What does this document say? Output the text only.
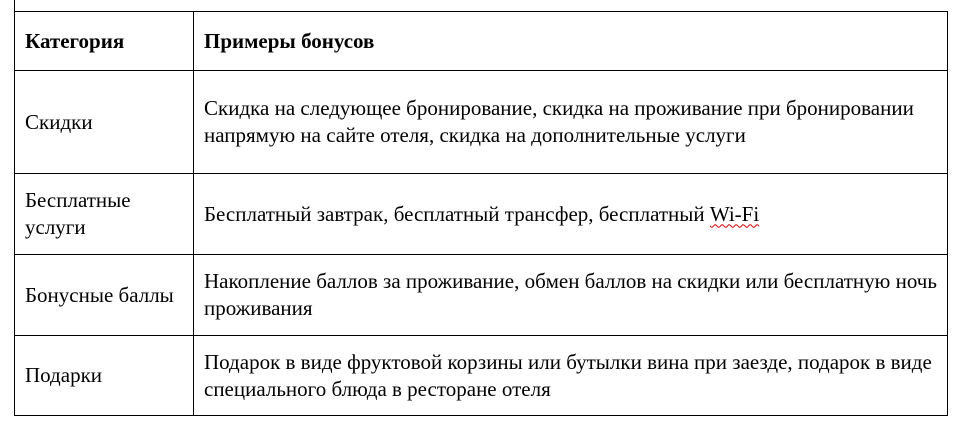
Категория	Примеры бонусов
Скидки	Скидка на следующее бронирование, скидка на проживание при бронировании напрямую на сайте отеля, скидка на дополнительные услуги
Бесплатные услуги	Бесплатный завтрак, бесплатный трансфер, бесплатный Wi-Fi
Бонусные баллы	Накопление баллов за проживание, обмен баллов на скидки или бесплатную ночь проживания
Подарки	Подарок в виде фруктовой корзины или бутылки вина при заезде, подарок в виде специального блюда в ресторане отеля
